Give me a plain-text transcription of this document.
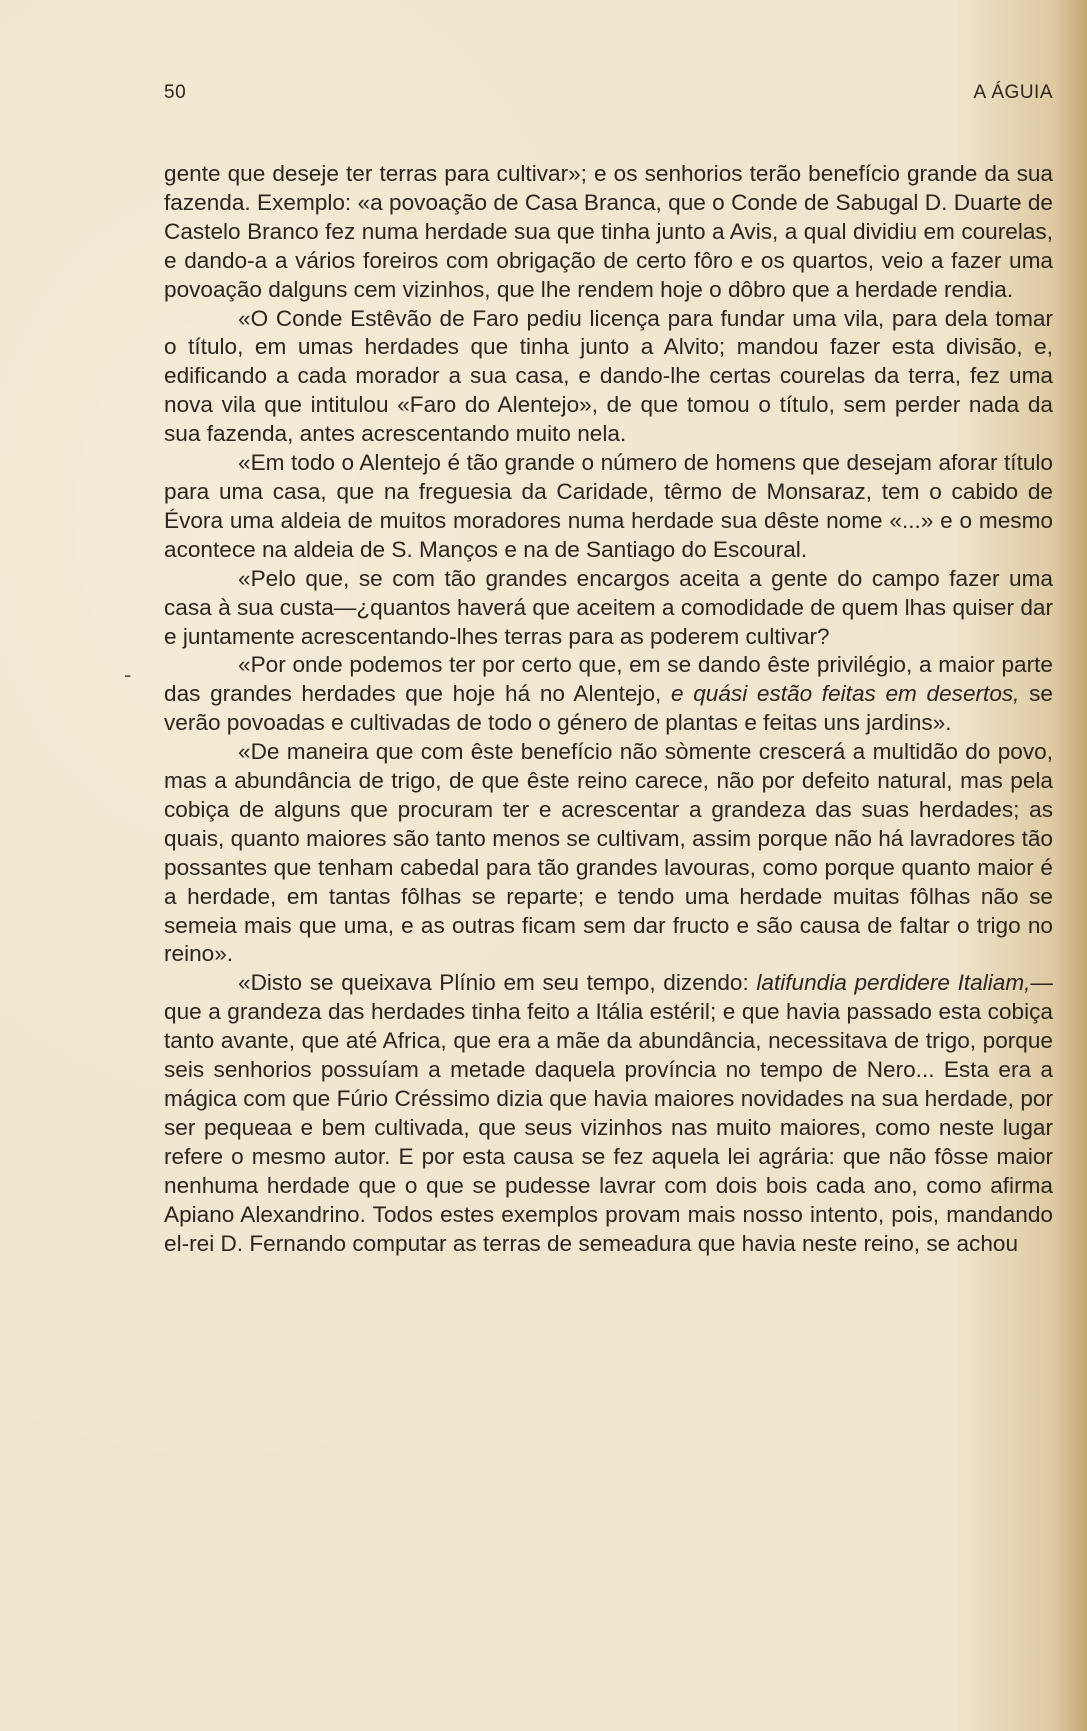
50	A ÁGUIA
-

gente que deseje ter terras para cultivar»; e os senhorios terão benefício grande da sua fazenda. Exemplo: «a povoação de Casa Branca, que o Conde de Sabugal D. Duarte de Castelo Branco fez numa herdade sua que tinha junto a Avis, a qual dividiu em courelas, e dando-a a vários foreiros com obrigação de certo fôro e os quartos, veio a fazer uma povoação dalguns cem vizinhos, que lhe rendem hoje o dôbro que a herdade rendia.

«O Conde Estêvão de Faro pediu licença para fundar uma vila, para dela tomar o título, em umas herdades que tinha junto a Alvito; mandou fazer esta divisão, e, edificando a cada morador a sua casa, e dando-lhe certas courelas da terra, fez uma nova vila que intitulou «Faro do Alentejo», de que tomou o título, sem perder nada da sua fazenda, antes acrescentando muito nela.

«Em todo o Alentejo é tão grande o número de homens que desejam aforar título para uma casa, que na freguesia da Caridade, têrmo de Monsaraz, tem o cabido de Évora uma aldeia de muitos moradores numa herdade sua dêste nome «...» e o mesmo acontece na aldeia de S. Manços e na de Santiago do Escoural.

«Pelo que, se com tão grandes encargos aceita a gente do campo fazer uma casa à sua custa—¿quantos haverá que aceitem a comodidade de quem lhas quiser dar e juntamente acrescentando-lhes terras para as poderem cultivar?

«Por onde podemos ter por certo que, em se dando êste privilégio, a maior parte das grandes herdades que hoje há no Alentejo, e quási estão feitas em desertos, se verão povoadas e cultivadas de todo o género de plantas e feitas uns jardins».

«De maneira que com êste benefício não sòmente crescerá a multidão do povo, mas a abundância de trigo, de que êste reino carece, não por defeito natural, mas pela cobiça de alguns que procuram ter e acrescentar a grandeza das suas herdades; as quais, quanto maiores são tanto menos se cultivam, assim porque não há lavradores tão possantes que tenham cabedal para tão grandes lavouras, como porque quanto maior é a herdade, em tantas fôlhas se reparte; e tendo uma herdade muitas fôlhas não se semeia mais que uma, e as outras ficam sem dar fructo e são causa de faltar o trigo no reino».

«Disto se queixava Plínio em seu tempo, dizendo: latifundia perdidere Italiam,—que a grandeza das herdades tinha feito a Itália estéril; e que havia passado esta cobiça tanto avante, que até Africa, que era a mãe da abundância, necessitava de trigo, porque seis senhorios possuíam a metade daquela província no tempo de Nero... Esta era a mágica com que Fúrio Créssimo dizia que havia maiores novidades na sua herdade, por ser pequeaa e bem cultivada, que seus vizinhos nas muito maiores, como neste lugar refere o mesmo autor. E por esta causa se fez aquela lei agrária: que não fôsse maior nenhuma herdade que o que se pudesse lavrar com dois bois cada ano, como afirma Apiano Alexandrino. Todos estes exemplos provam mais nosso intento, pois, mandando el-rei D. Fernando computar as terras de semeadura que havia neste reino, se achou
